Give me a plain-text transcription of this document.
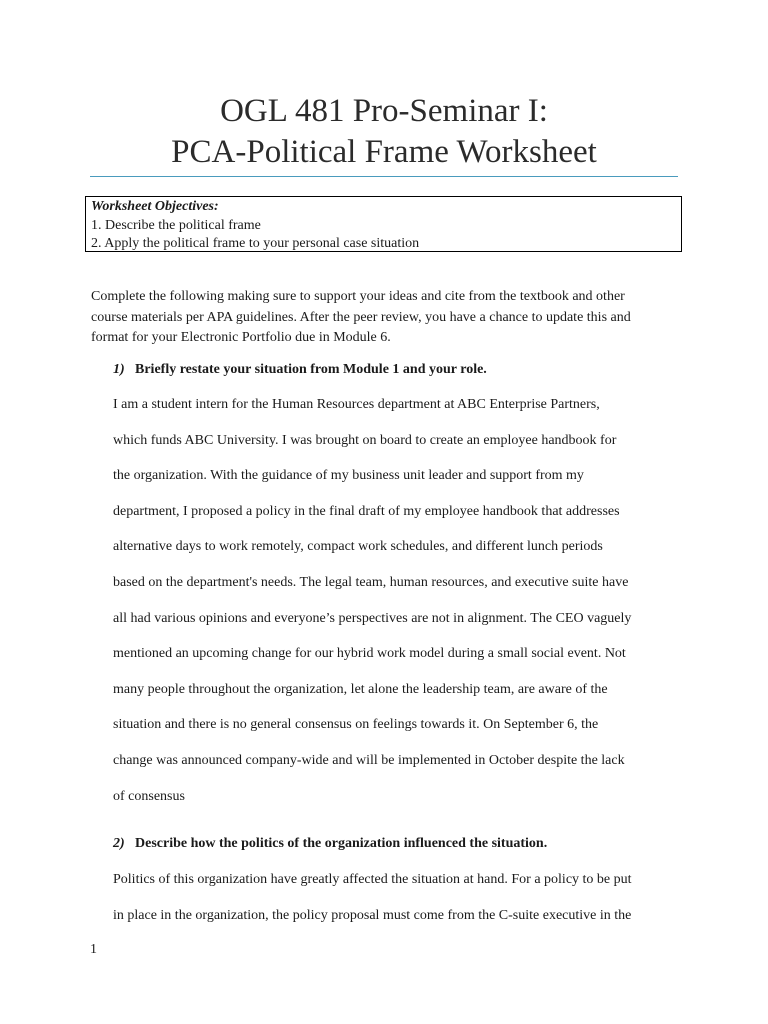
OGL 481 Pro-Seminar I:
PCA-Political Frame Worksheet
Worksheet Objectives:
1. Describe the political frame
2. Apply the political frame to your personal case situation

Complete the following making sure to support your ideas and cite from the textbook and other
course materials per APA guidelines. After the peer review, you have a chance to update this and
format for your Electronic Portfolio due in Module 6.

1) Briefly restate your situation from Module 1 and your role.

I am a student intern for the Human Resources department at ABC Enterprise Partners,
which funds ABC University. I was brought on board to create an employee handbook for
the organization. With the guidance of my business unit leader and support from my
department, I proposed a policy in the final draft of my employee handbook that addresses
alternative days to work remotely, compact work schedules, and different lunch periods
based on the department's needs. The legal team, human resources, and executive suite have
all had various opinions and everyone’s perspectives are not in alignment. The CEO vaguely
mentioned an upcoming change for our hybrid work model during a small social event. Not
many people throughout the organization, let alone the leadership team, are aware of the
situation and there is no general consensus on feelings towards it. On September 6, the
change was announced company-wide and will be implemented in October despite the lack
of consensus

2) Describe how the politics of the organization influenced the situation.

Politics of this organization have greatly affected the situation at hand. For a policy to be put
in place in the organization, the policy proposal must come from the C-suite executive in the

1
